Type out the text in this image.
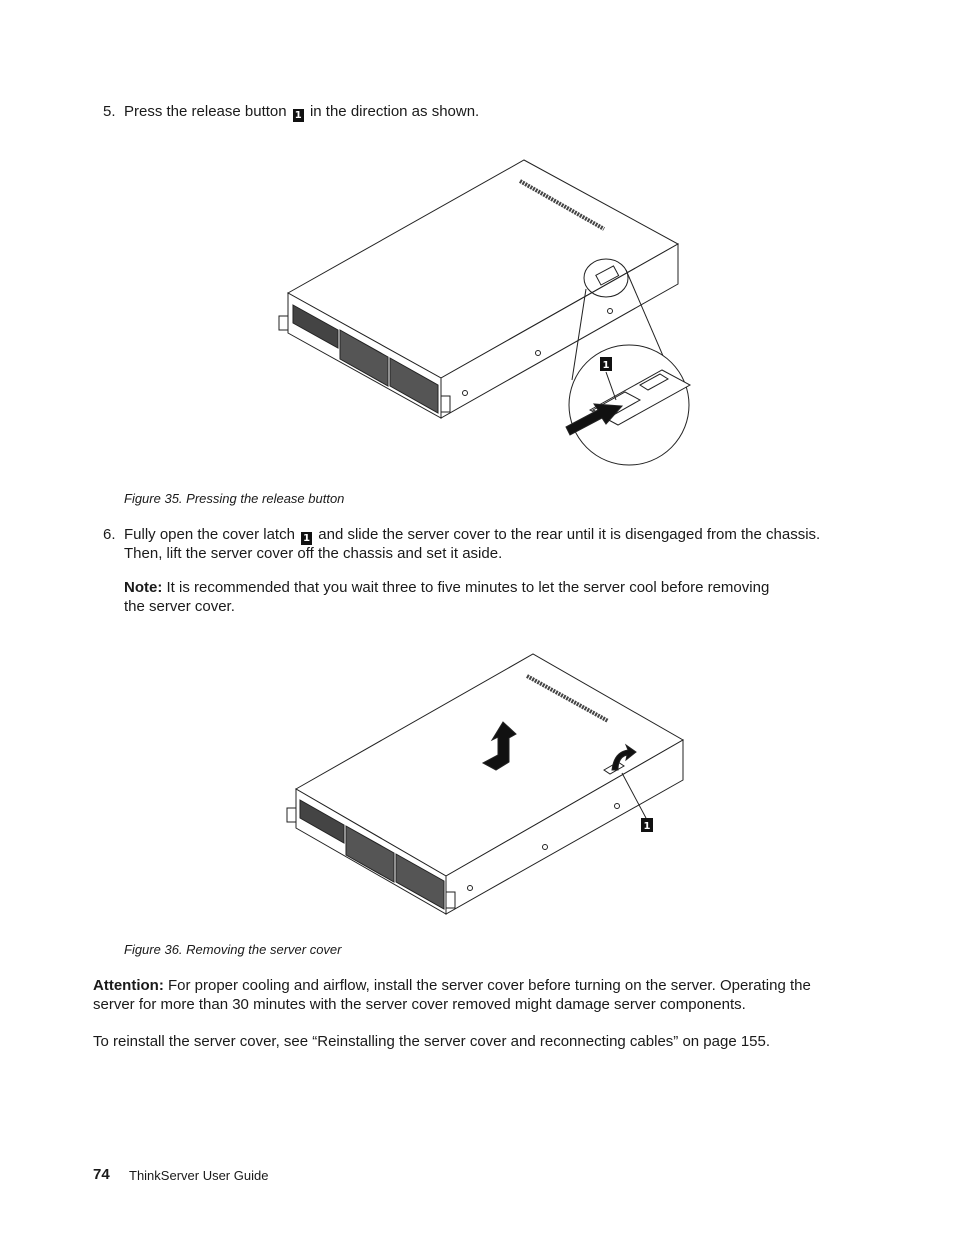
5. Press the release button 1 in the direction as shown.
1
Figure 35. Pressing the release button
6. Fully open the cover latch 1 and slide the server cover to the rear until it is disengaged from the chassis.
Then, lift the server cover off the chassis and set it aside.
Note: It is recommended that you wait three to five minutes to let the server cool before removing
the server cover.
1
Figure 36. Removing the server cover
Attention: For proper cooling and airflow, install the server cover before turning on the server. Operating the
server for more than 30 minutes with the server cover removed might damage server components.
To reinstall the server cover, see “Reinstalling the server cover and reconnecting cables” on page 155.
74 ThinkServer User Guide
